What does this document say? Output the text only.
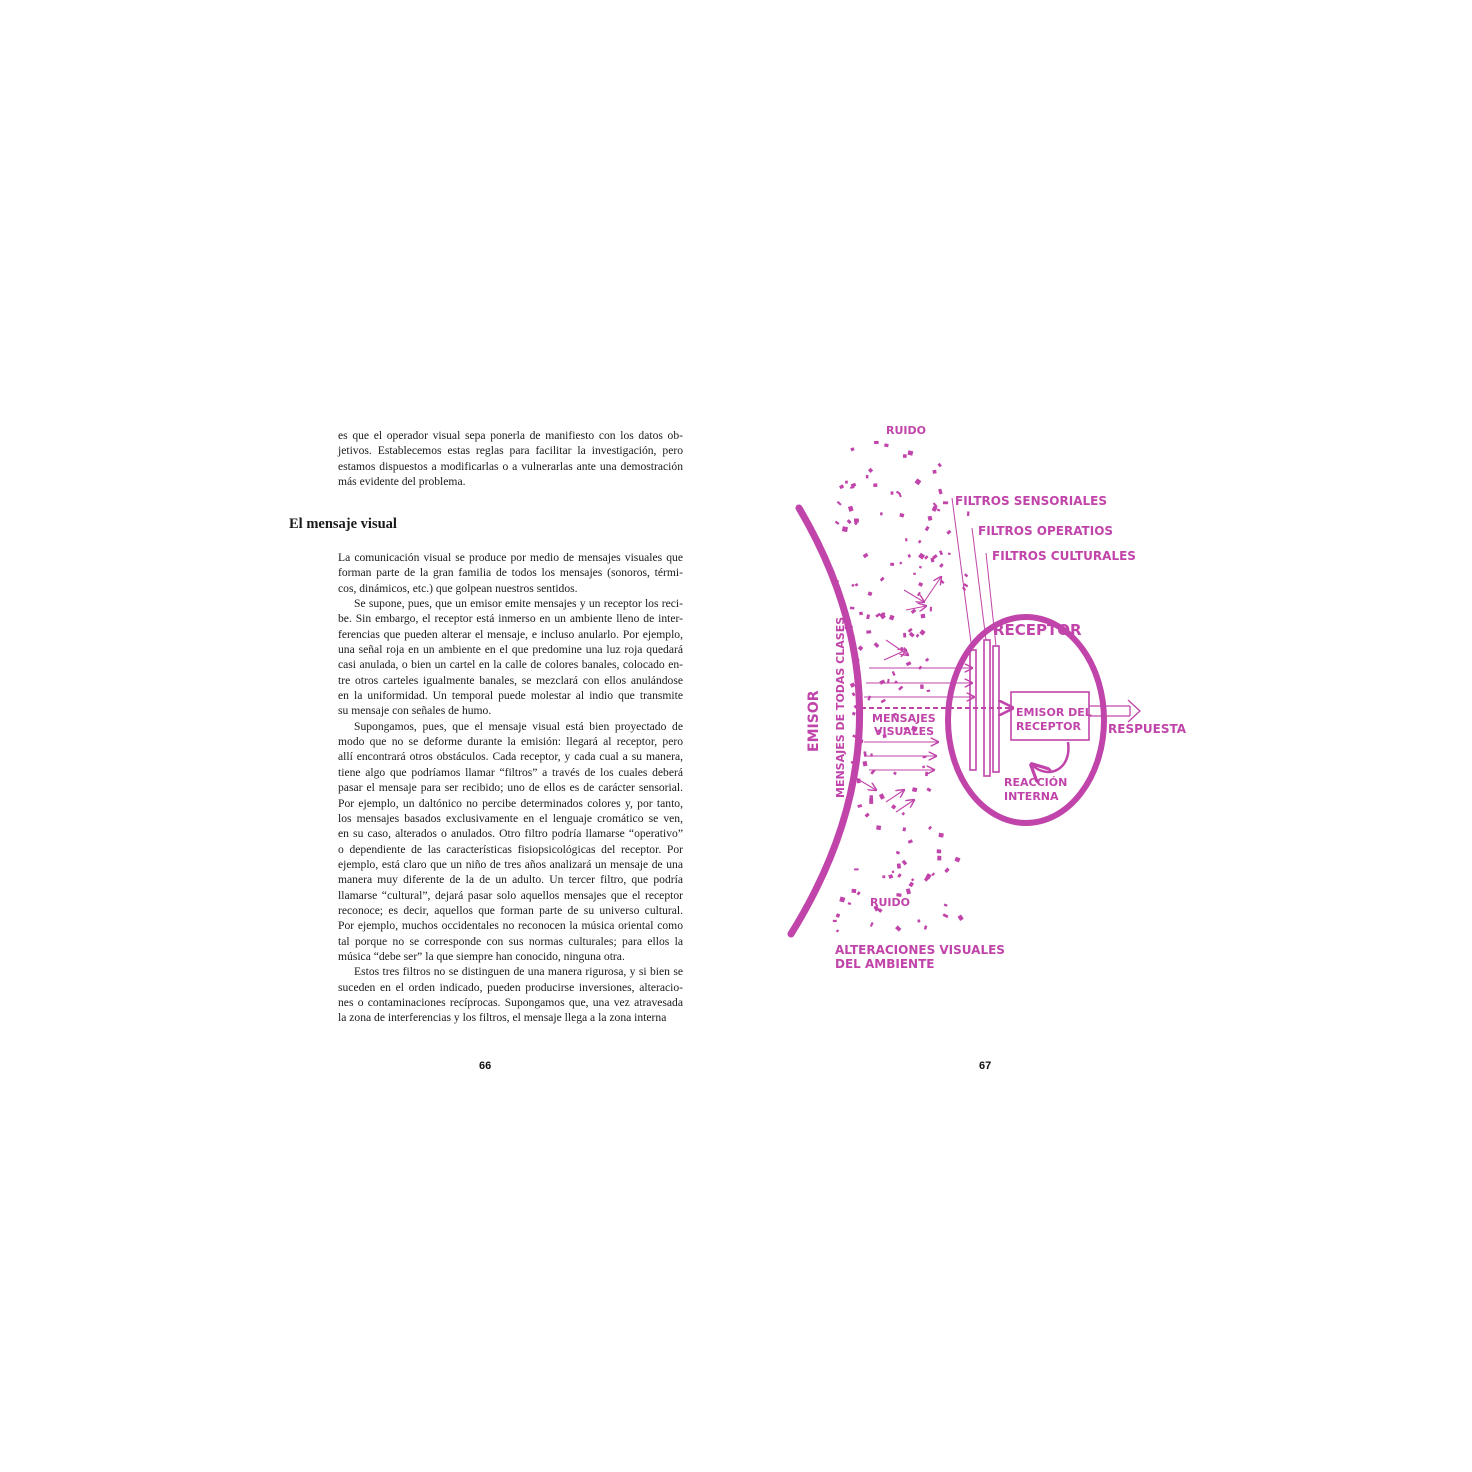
es que el operador visual sepa ponerla de manifiesto con los datos ob-
jetivos. Establecemos estas reglas para facilitar la investigación, pero
estamos dispuestos a modificarlas o a vulnerarlas ante una demostración
más evidente del problema.
El mensaje visual
La comunicación visual se produce por medio de mensajes visuales que
forman parte de la gran familia de todos los mensajes (sonoros, térmi-
cos, dinámicos, etc.) que golpean nuestros sentidos.
Se supone, pues, que un emisor emite mensajes y un receptor los reci-
be. Sin embargo, el receptor está inmerso en un ambiente lleno de inter-
ferencias que pueden alterar el mensaje, e incluso anularlo. Por ejemplo,
una señal roja en un ambiente en el que predomine una luz roja quedará
casi anulada, o bien un cartel en la calle de colores banales, colocado en-
tre otros carteles igualmente banales, se mezclará con ellos anulándose
en la uniformidad. Un temporal puede molestar al indio que transmite
su mensaje con señales de humo.
Supongamos, pues, que el mensaje visual está bien proyectado de
modo que no se deforme durante la emisión: llegará al receptor, pero
allí encontrará otros obstáculos. Cada receptor, y cada cual a su manera,
tiene algo que podríamos llamar “filtros” a través de los cuales deberá
pasar el mensaje para ser recibido; uno de ellos es de carácter sensorial.
Por ejemplo, un daltónico no percibe determinados colores y, por tanto,
los mensajes basados exclusivamente en el lenguaje cromático se ven,
en su caso, alterados o anulados. Otro filtro podría llamarse “operativo”
o dependiente de las características fisiopsicológicas del receptor. Por
ejemplo, está claro que un niño de tres años analizará un mensaje de una
manera muy diferente de la de un adulto. Un tercer filtro, que podría
llamarse “cultural”, dejará pasar solo aquellos mensajes que el receptor
reconoce; es decir, aquellos que forman parte de su universo cultural.
Por ejemplo, muchos occidentales no reconocen la música oriental como
tal porque no se corresponde con sus normas culturales; para ellos la
música “debe ser” la que siempre han conocido, ninguna otra.
Estos tres filtros no se distinguen de una manera rigurosa, y si bien se
suceden en el orden indicado, pueden producirse inversiones, alteracio-
nes o contaminaciones recíprocas. Supongamos que, una vez atravesada
la zona de interferencias y los filtros, el mensaje llega a la zona interna
66
RUIDO
FILTROS SENSORIALES
FILTROS OPERATIOS
FILTROS CULTURALES
RECEPTOR
EMISOR MENSAJES DE TODAS CLASES MENSAJES
VISUALES
EMISOR DEL
RECEPTOR RESPUESTA
REACCIÓN
INTERNA
RUIDO
ALTERACIONES VISUALES
DEL AMBIENTE
67
